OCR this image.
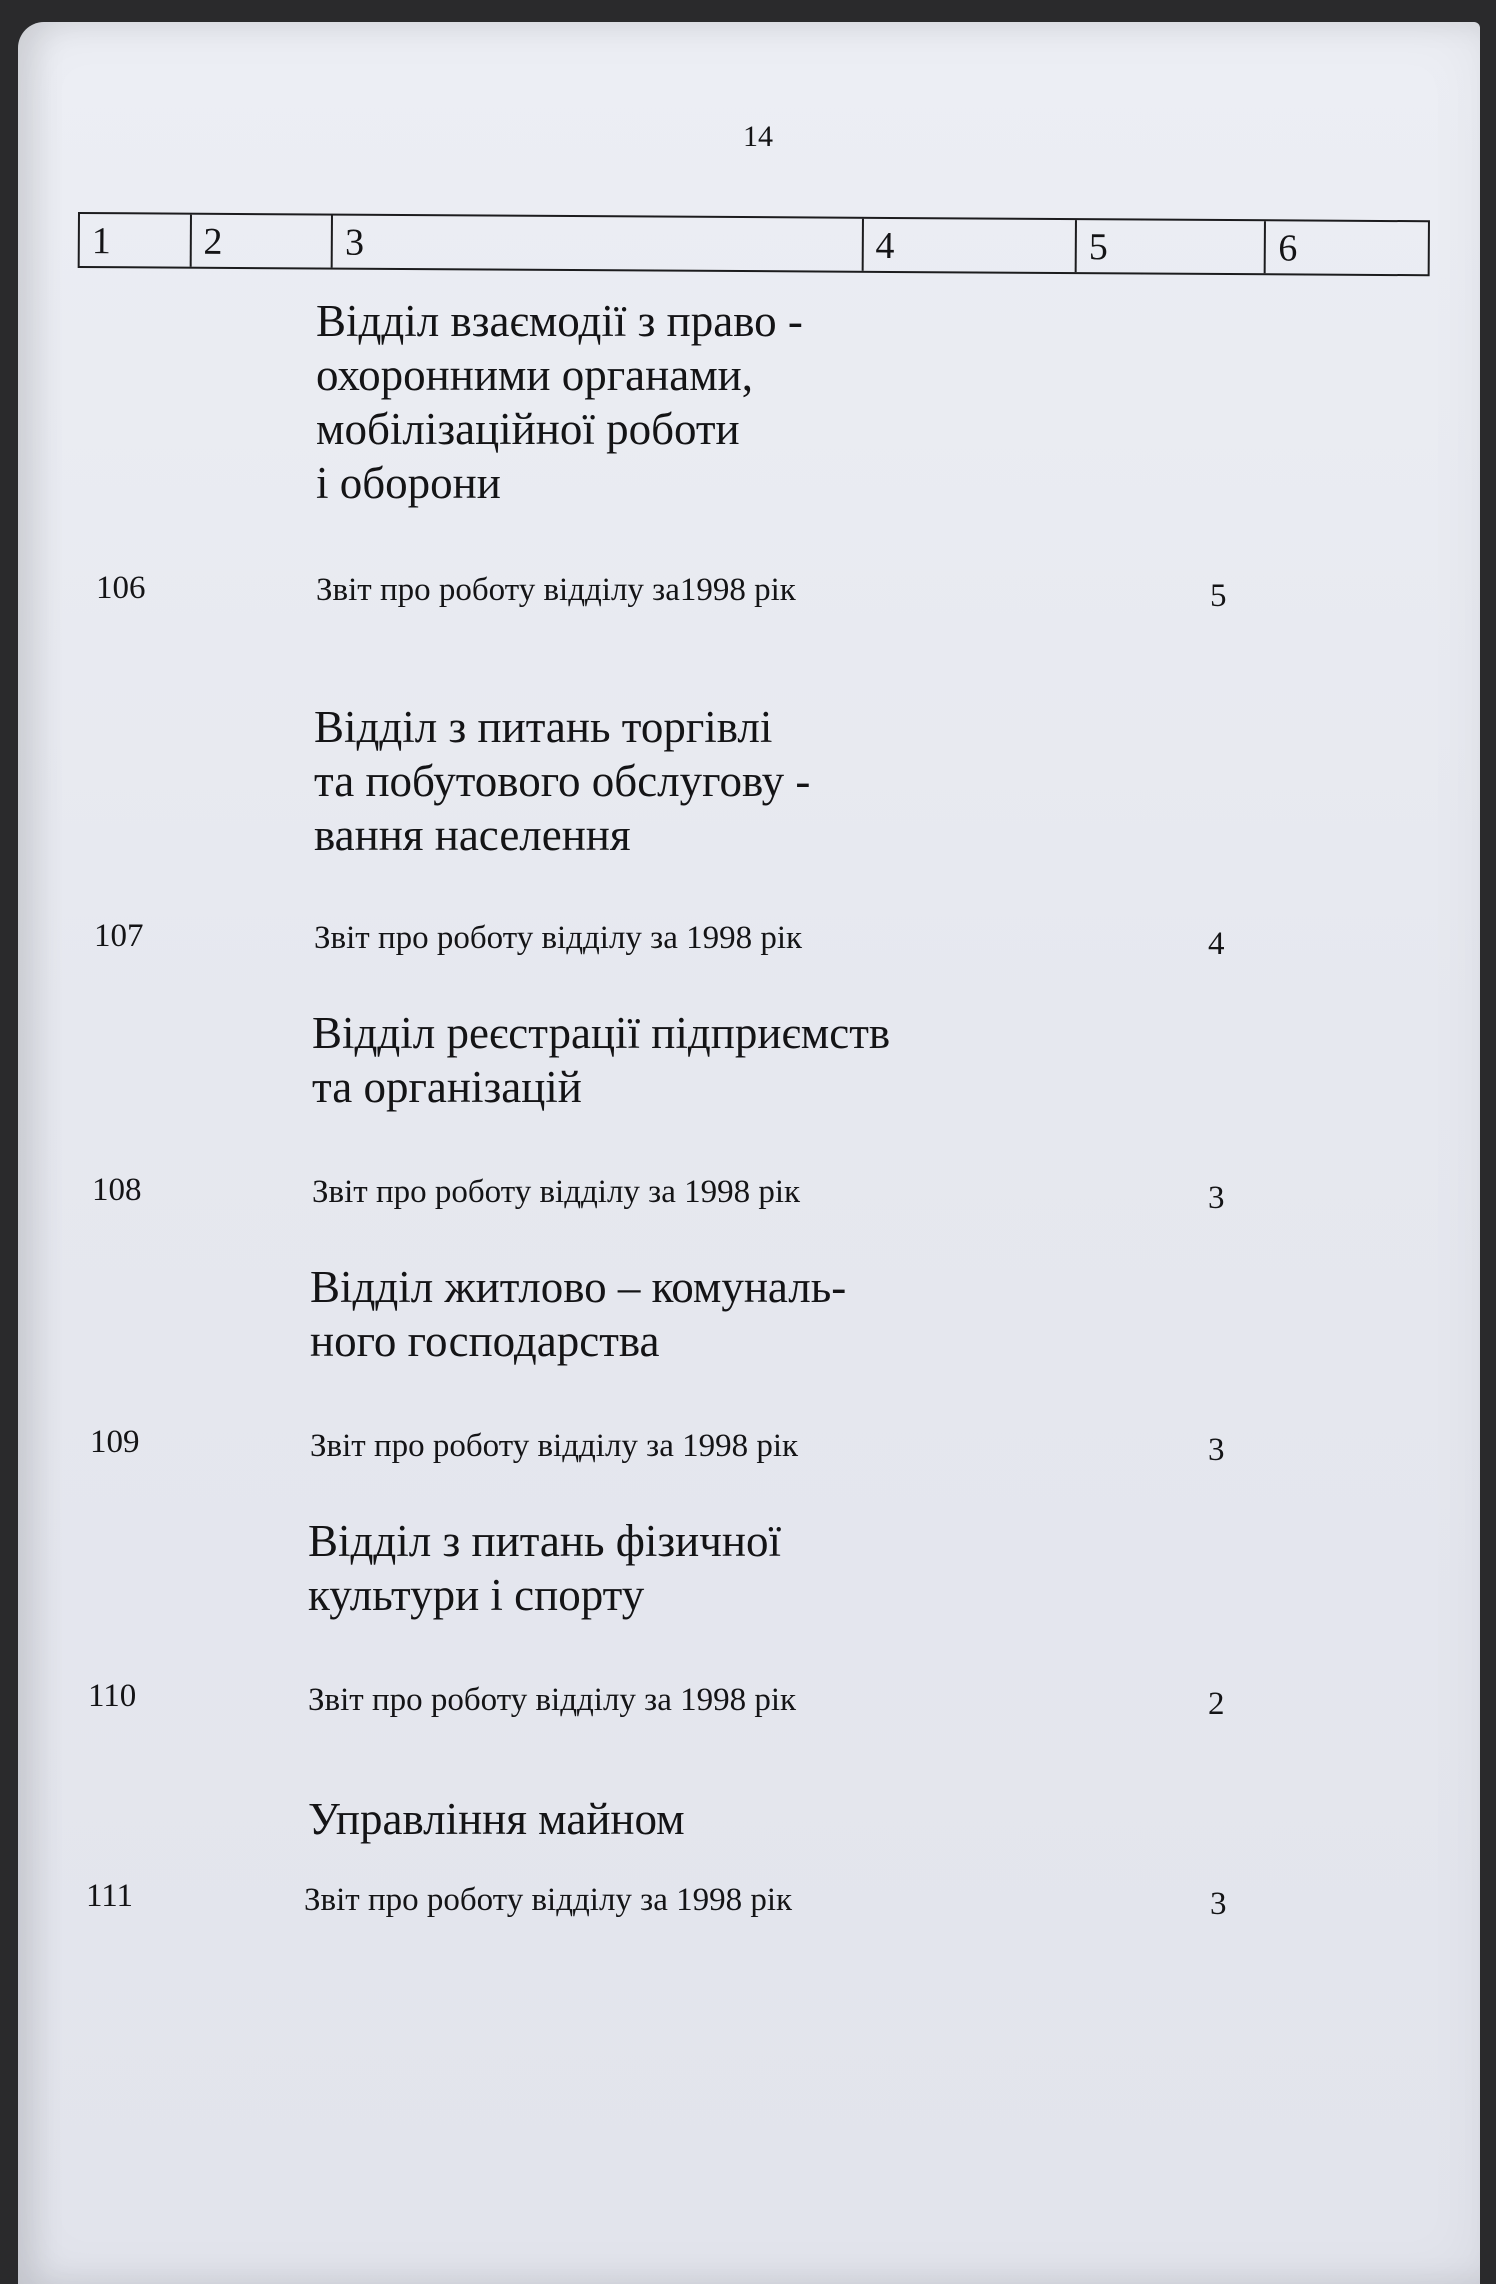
14
1	2	3	4	5	6
Відділ взаємодії з право -
охоронними органами,
мобілізаційної роботи
і оборони
106	Звіт про роботу відділу за1998 рік	5
Відділ з питань торгівлі
та побутового обслугову -
вання населення
107	Звіт про роботу відділу за 1998 рік	4
Відділ реєстрації підприємств
та організацій
108	Звіт про роботу відділу за 1998 рік	3
Відділ житлово – комуналь-
ного господарства
109	Звіт про роботу відділу за 1998 рік	3
Відділ з питань фізичної
культури і спорту
110	Звіт про роботу відділу за 1998 рік	2
Управління майном
111	Звіт про роботу відділу за 1998 рік	3
